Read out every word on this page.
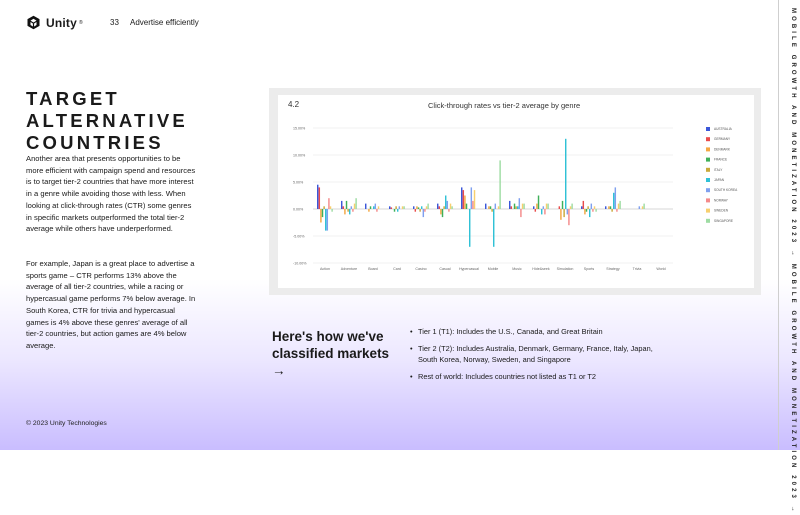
Unity ®	33 Advertise efficiently	MOBILE GROWTH AND MONETIZATION 2023 → MOBILE GROWTH AND MONETIZATION 2023 →
TARGET ALTERNATIVE COUNTRIES

Another area that presents opportunities to be more efficient with campaign spend and resources is to target tier-2 countries that have more interest in a genre while avoiding those with less. When looking at click-through rates (CTR) some genres in specific markets outperformed the total tier-2 average while others have underperformed.

For example, Japan is a great place to advertise a sports game – CTR performs 13% above the average of all tier-2 countries, while a racing or hypercasual game performs 7% below average. In South Korea, CTR for trivia and hypercasual games is 4% above these genres' average of all tier-2 countries, but action games are 4% below average.

4.2	Click-through rates vs tier-2 average by genre
15.00%
10.00%
5.00%
0.00%
-5.00%
-10.00%
Action	Adventure	Board	Card	Casino	Casual Hypercasual Mobile	Music	Hide&seek Simulation	Sports	Strategy	Trivia	World
AUSTRALIA
GERMANY
DENMARK
FRANCE
ITALY
JAPAN
SOUTH KOREA
NORWAY
SWEDEN
SINGAPORE
Here's how we've classified markets →
• Tier 1 (T1): Includes the U.S., Canada, and Great Britain
• Tier 2 (T2): Includes Australia, Denmark, Germany, France, Italy, Japan, South Korea, Norway, Sweden, and Singapore
• Rest of world: Includes countries not listed as T1 or T2
© 2023 Unity Technologies
